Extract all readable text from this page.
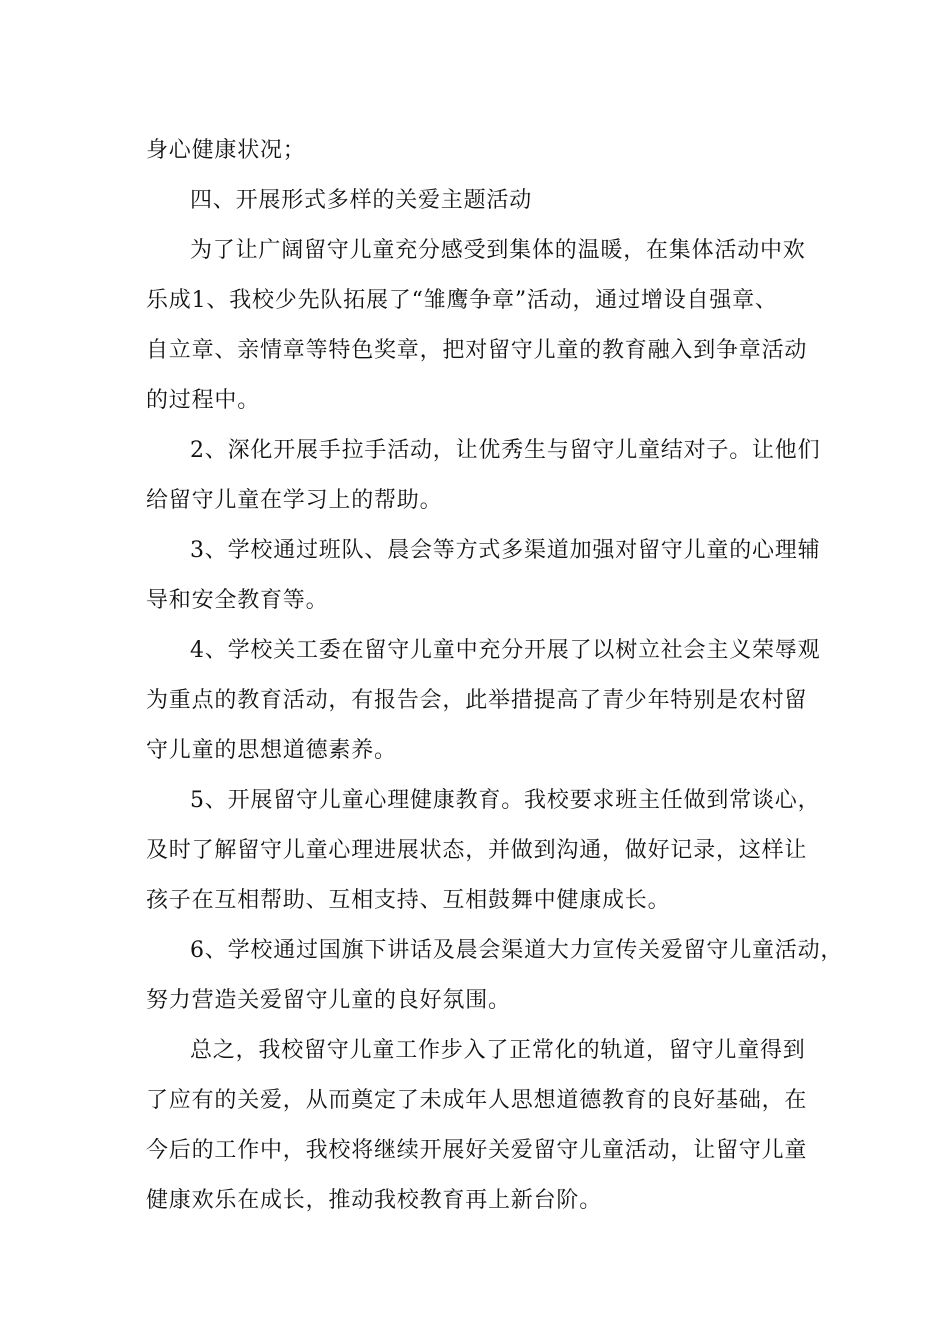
身心健康状况；

四、开展形式多样的关爱主题活动

为了让广阔留守儿童充分感受到集体的温暖，在集体活动中欢

乐成1、我校少先队拓展了“雏鹰争章”活动，通过增设自强章、

自立章、亲情章等特色奖章，把对留守儿童的教育融入到争章活动

的过程中。

2、深化开展手拉手活动，让优秀生与留守儿童结对子。让他们

给留守儿童在学习上的帮助。

3、学校通过班队、晨会等方式多渠道加强对留守儿童的心理辅

导和安全教育等。

4、学校关工委在留守儿童中充分开展了以树立社会主义荣辱观

为重点的教育活动，有报告会，此举措提高了青少年特别是农村留

守儿童的思想道德素养。

5、开展留守儿童心理健康教育。我校要求班主任做到常谈心，

及时了解留守儿童心理进展状态，并做到沟通，做好记录，这样让

孩子在互相帮助、互相支持、互相鼓舞中健康成长。

6、学校通过国旗下讲话及晨会渠道大力宣传关爱留守儿童活动，

努力营造关爱留守儿童的良好氛围。

总之，我校留守儿童工作步入了正常化的轨道，留守儿童得到

了应有的关爱，从而奠定了未成年人思想道德教育的良好基础，在

今后的工作中，我校将继续开展好关爱留守儿童活动，让留守儿童

健康欢乐在成长，推动我校教育再上新台阶。
